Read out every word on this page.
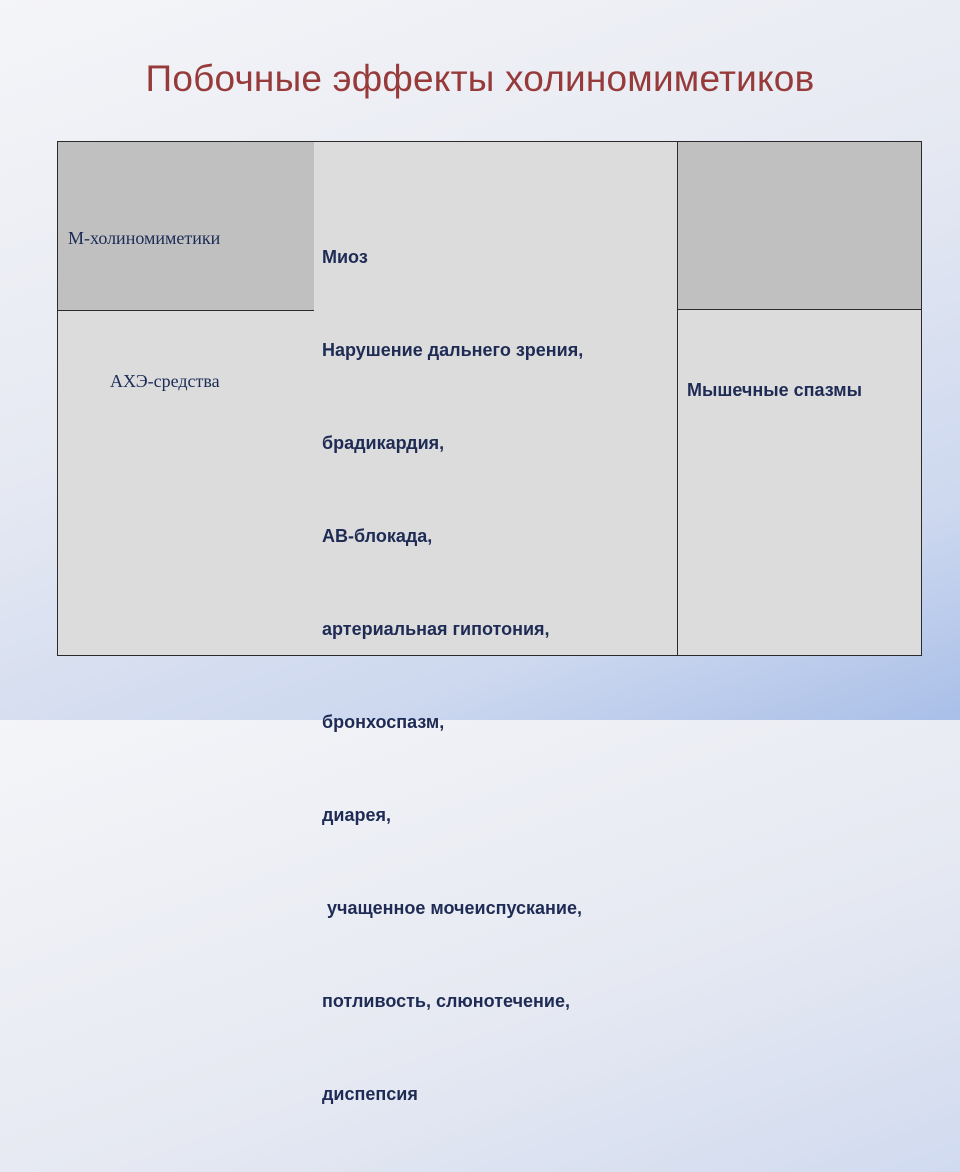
Побочные эффекты холиномиметиков
М-холиномиметики
АХЭ-средства

Миоз

Нарушение дальнего зрения,

брадикардия,

АВ-блокада,

артериальная гипотония,

бронхоспазм,

диарея,

учащенное мочеиспускание,

потливость, слюнотечение,

диспепсия

Мышечные спазмы
